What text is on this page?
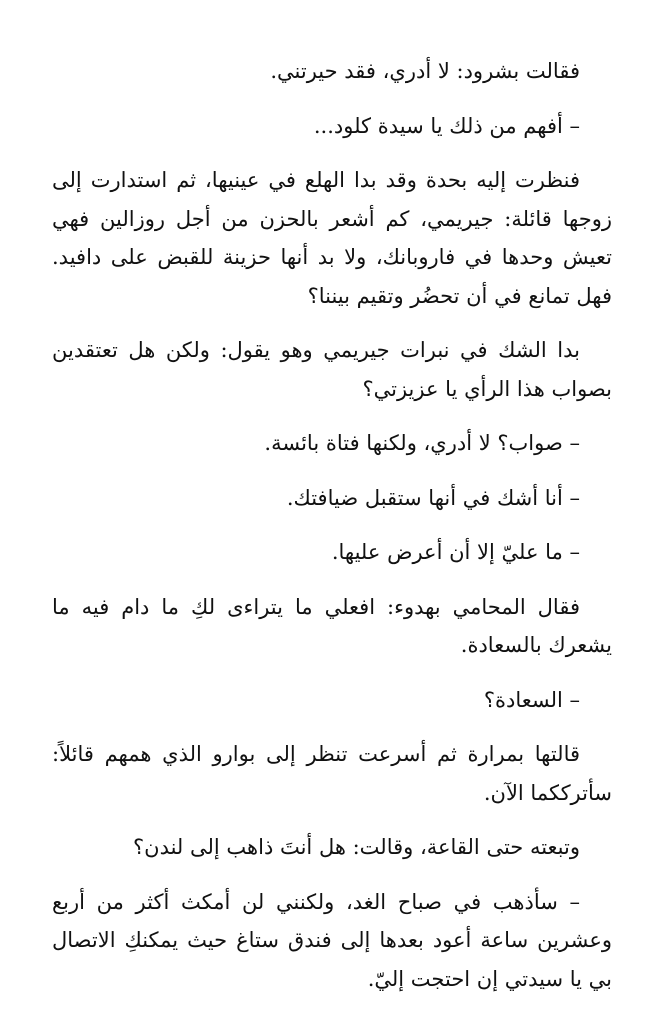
فقالت بشرود: لا أدري، فقد حيرتني.

– أفهم من ذلك يا سيدة كلود...

فنظرت إليه بحدة وقد بدا الهلع في عينيها، ثم استدارت إلى زوجها قائلة: جيريمي، كم أشعر بالحزن من أجل روزالين فهي تعيش وحدها في فاروبانك، ولا بد أنها حزينة للقبض على دافيد. فهل تمانع في أن تحضُر وتقيم بيننا؟

بدا الشك في نبرات جيريمي وهو يقول: ولكن هل تعتقدين بصواب هذا الرأي يا عزيزتي؟

– صواب؟ لا أدري، ولكنها فتاة بائسة.

– أنا أشك في أنها ستقبل ضيافتك.

– ما عليّ إلا أن أعرض عليها.

فقال المحامي بهدوء: افعلي ما يتراءى لكِ ما دام فيه ما يشعرك بالسعادة.

– السعادة؟

قالتها بمرارة ثم أسرعت تنظر إلى بوارو الذي همهم قائلاً: سأترككما الآن.

وتبعته حتى القاعة، وقالت: هل أنتَ ذاهب إلى لندن؟

– سأذهب في صباح الغد، ولكنني لن أمكث أكثر من أربع وعشرين ساعة أعود بعدها إلى فندق ستاغ حيث يمكنكِ الاتصال بي يا سيدتي إن احتجت إليّ.
